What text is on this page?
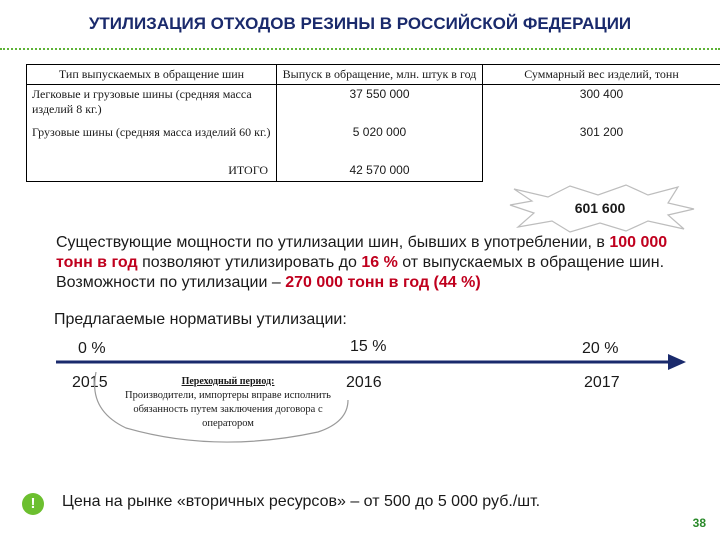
УТИЛИЗАЦИЯ ОТХОДОВ РЕЗИНЫ В РОССИЙСКОЙ ФЕДЕРАЦИИ
Тип выпускаемых в обращение шин	Выпуск в обращение, млн. штук в год	Суммарный вес изделий, тонн
Легковые и грузовые шины (средняя масса изделий 8 кг.)	37 550 000	300 400
Грузовые шины (средняя масса изделий 60 кг.)	5 020 000	301 200
ИТОГО	42 570 000	
601 600
Существующие мощности по утилизации шин, бывших в употреблении, в 100 000 тонн в год позволяют утилизировать до 16 % от выпускаемых в обращение шин. Возможности по утилизации – 270 000 тонн в год (44 %)
Предлагаемые нормативы утилизации:
0 %	15 %	20 %
2015	2016	2017
Переходный период:
Производители, импортеры вправе исполнить обязанность путем заключения договора с оператором
!	Цена на рынке «вторичных ресурсов» – от 500 до 5 000 руб./шт.
38
